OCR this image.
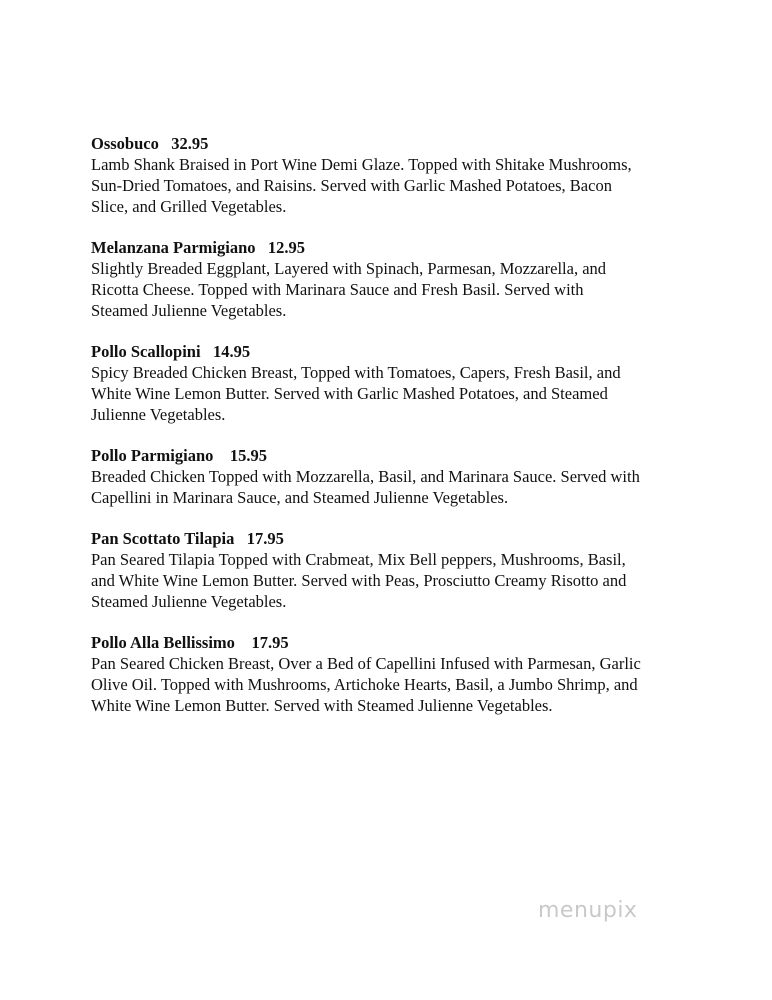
Ossobuco 32.95
Lamb Shank Braised in Port Wine Demi Glaze. Topped with Shitake Mushrooms,
Sun-Dried Tomatoes, and Raisins. Served with Garlic Mashed Potatoes, Bacon
Slice, and Grilled Vegetables.
Melanzana Parmigiano 12.95
Slightly Breaded Eggplant, Layered with Spinach, Parmesan, Mozzarella, and
Ricotta Cheese. Topped with Marinara Sauce and Fresh Basil. Served with
Steamed Julienne Vegetables.
Pollo Scallopini 14.95
Spicy Breaded Chicken Breast, Topped with Tomatoes, Capers, Fresh Basil, and
White Wine Lemon Butter. Served with Garlic Mashed Potatoes, and Steamed
Julienne Vegetables.
Pollo Parmigiano 15.95
Breaded Chicken Topped with Mozzarella, Basil, and Marinara Sauce. Served with
Capellini in Marinara Sauce, and Steamed Julienne Vegetables.
Pan Scottato Tilapia 17.95
Pan Seared Tilapia Topped with Crabmeat, Mix Bell peppers, Mushrooms, Basil,
and White Wine Lemon Butter. Served with Peas, Prosciutto Creamy Risotto and
Steamed Julienne Vegetables.
Pollo Alla Bellissimo 17.95
Pan Seared Chicken Breast, Over a Bed of Capellini Infused with Parmesan, Garlic
Olive Oil. Topped with Mushrooms, Artichoke Hearts, Basil, a Jumbo Shrimp, and
White Wine Lemon Butter. Served with Steamed Julienne Vegetables.
menupix
